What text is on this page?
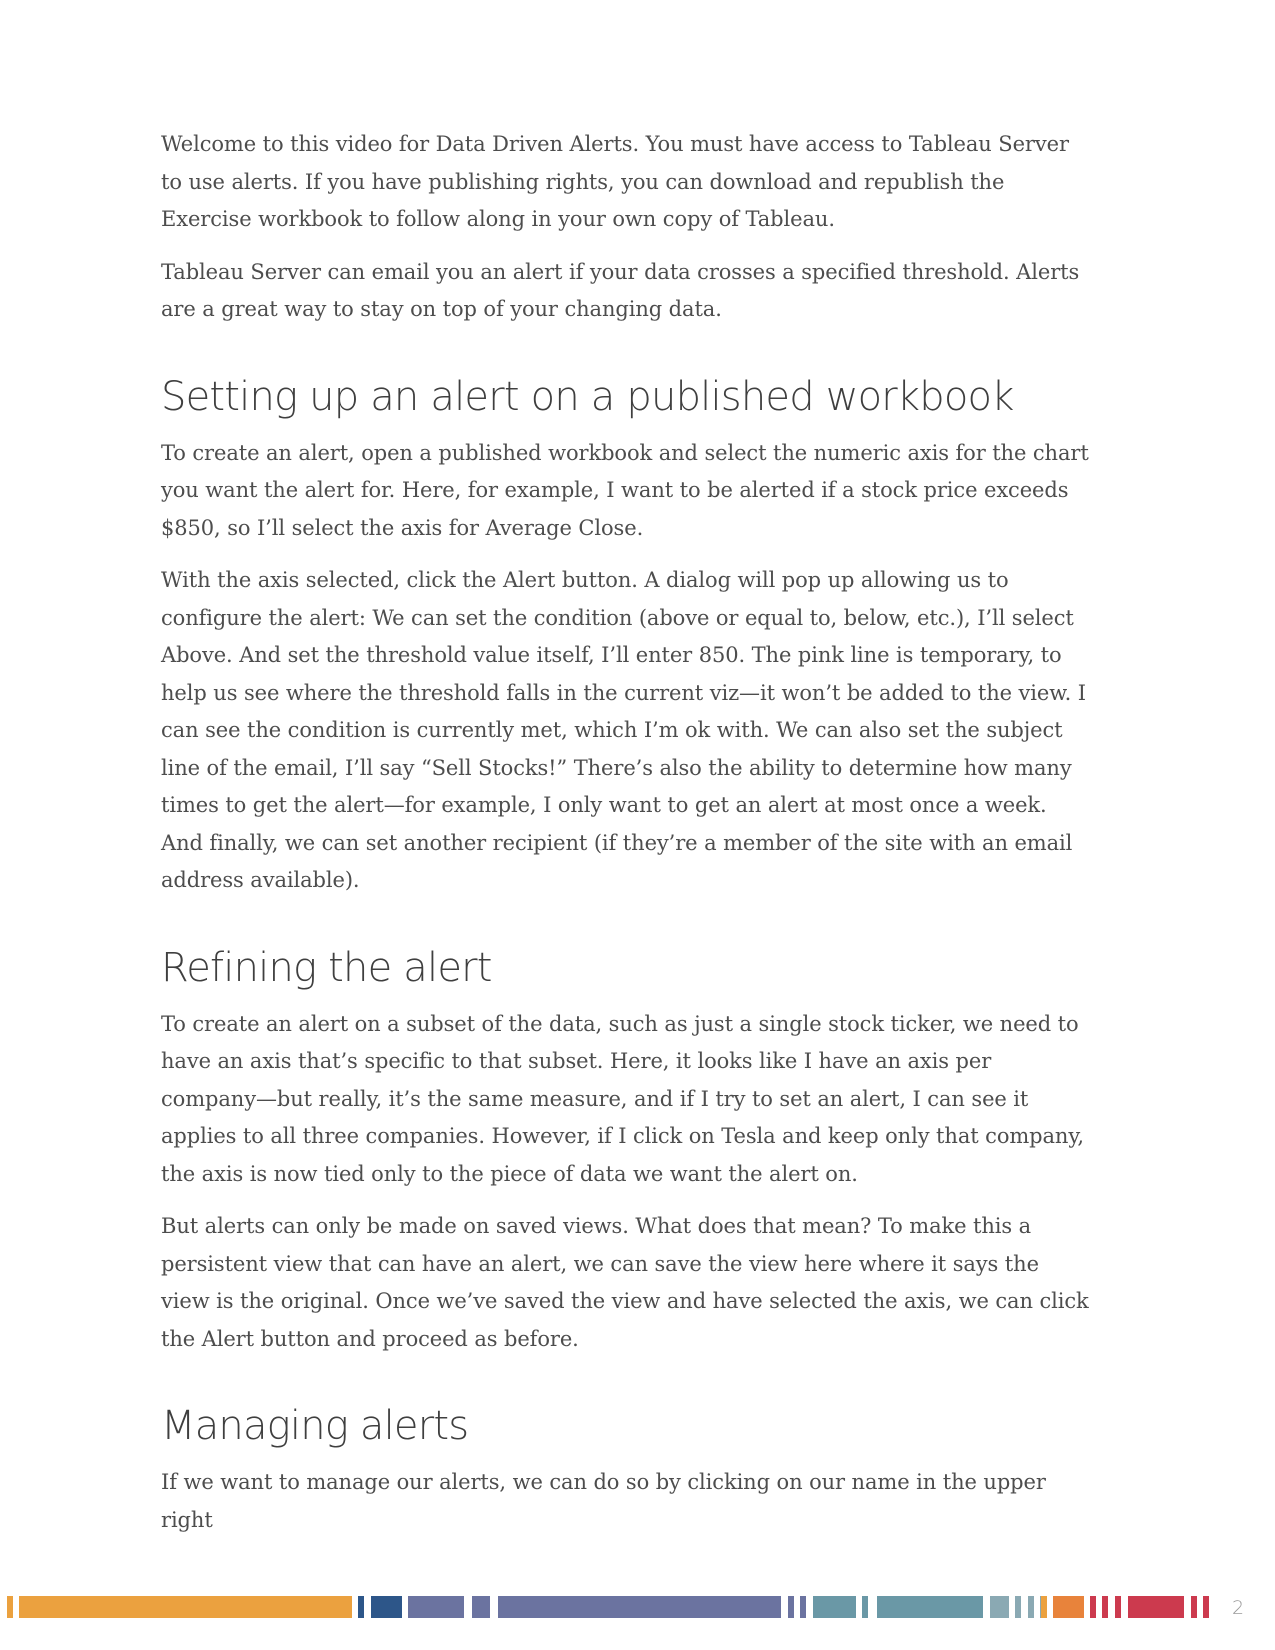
Welcome to this video for Data Driven Alerts. You must have access to Tableau Server to use alerts. If you have publishing rights, you can download and republish the Exercise workbook to follow along in your own copy of Tableau.

Tableau Server can email you an alert if your data crosses a specified threshold. Alerts are a great way to stay on top of your changing data.

Setting up an alert on a published workbook

To create an alert, open a published workbook and select the numeric axis for the chart you want the alert for. Here, for example, I want to be alerted if a stock price exceeds $850, so I’ll select the axis for Average Close.

With the axis selected, click the Alert button. A dialog will pop up allowing us to configure the alert: We can set the condition (above or equal to, below, etc.), I’ll select Above. And set the threshold value itself, I’ll enter 850. The pink line is temporary, to help us see where the threshold falls in the current viz—it won’t be added to the view. I can see the condition is currently met, which I’m ok with. We can also set the subject line of the email, I’ll say “Sell Stocks!” There’s also the ability to determine how many times to get the alert—for example, I only want to get an alert at most once a week. And finally, we can set another recipient (if they’re a member of the site with an email address available).

Refining the alert

To create an alert on a subset of the data, such as just a single stock ticker, we need to have an axis that’s specific to that subset. Here, it looks like I have an axis per company—but really, it’s the same measure, and if I try to set an alert, I can see it applies to all three companies. However, if I click on Tesla and keep only that company, the axis is now tied only to the piece of data we want the alert on.

But alerts can only be made on saved views. What does that mean? To make this a persistent view that can have an alert, we can save the view here where it says the view is the original. Once we’ve saved the view and have selected the axis, we can click the Alert button and proceed as before.

Managing alerts

If we want to manage our alerts, we can do so by clicking on our name in the upper right

2
